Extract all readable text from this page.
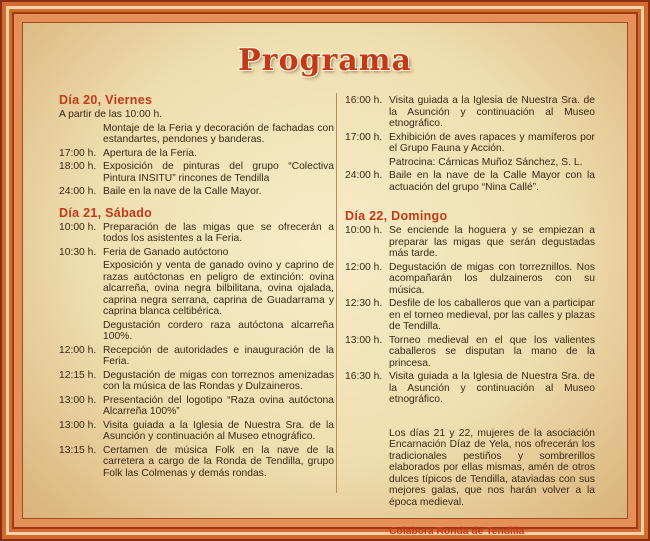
Programa
Día 20, Viernes
A partir de las 10:00 h.
Montaje de la Feria y decoración de fachadas con estandartes, pendones y banderas.
17:00 h. Apertura de la Feria.
18:00 h. Exposición de pinturas del grupo “Colectiva Pintura INSITU” rincones de Tendilla
24:00 h. Baile en la nave de la Calle Mayor.
Día 21, Sábado
10:00 h. Preparación de las migas que se ofrecerán a todos los asistentes a la Feria.
10:30 h. Feria de Ganado autóctono
Exposición y venta de ganado ovino y caprino de razas autóctonas en peligro de extinción: ovina alcarreña, ovina negra bilbilitana, ovina ojalada, caprina negra serrana, caprina de Guadarrama y caprina blanca celtibérica.
Degustación cordero raza autóctona alcarreña 100%.
12:00 h. Recepción de autoridades e inauguración de la Feria.
12:15 h. Degustación de migas con torreznos amenizadas con la música de las Rondas y Dulzaineros.
13:00 h. Presentación del logotipo “Raza ovina autóctona Alcarreña 100%”
13:00 h. Visita guiada a la Iglesia de Nuestra Sra. de la Asunción y continuación al Museo etnográfico.
13:15 h. Certamen de música Folk en la nave de la carretera a cargo de la Ronda de Tendilla, grupo Folk las Colmenas y demás rondas.
16:00 h. Visita guiada a la Iglesia de Nuestra Sra. de la Asunción y continuación al Museo etnográfico.
17:00 h. Exhibición de aves rapaces y mamíferos por el Grupo Fauna y Acción.
Patrocina: Cárnicas Muñoz Sánchez, S. L.
24:00 h. Baile en la nave de la Calle Mayor con la actuación del grupo “Nina Callé”.
Día 22, Domingo
10:00 h. Se enciende la hoguera y se empiezan a preparar las migas que serán degustadas más tarde.
12:00 h. Degustación de migas con torreznillos. Nos acompañarán los dulzaineros con su música.
12:30 h. Desfile de los caballeros que van a participar en el torneo medieval, por las calles y plazas de Tendilla.
13:00 h. Torneo medieval en el que los valientes caballeros se disputan la mano de la princesa.
16:30 h. Visita guiada a la Iglesia de Nuestra Sra. de la Asunción y continuación al Museo etnográfico.
Los días 21 y 22, mujeres de la asociación Encarnación Díaz de Yela, nos ofrecerán los tradicionales pestiños y sombrerillos elaborados por ellas mismas, amén de otros dulces típicos de Tendilla, ataviadas con sus mejores galas, que nos harán volver a la época medieval.
Colabora Ronda de Tendilla
